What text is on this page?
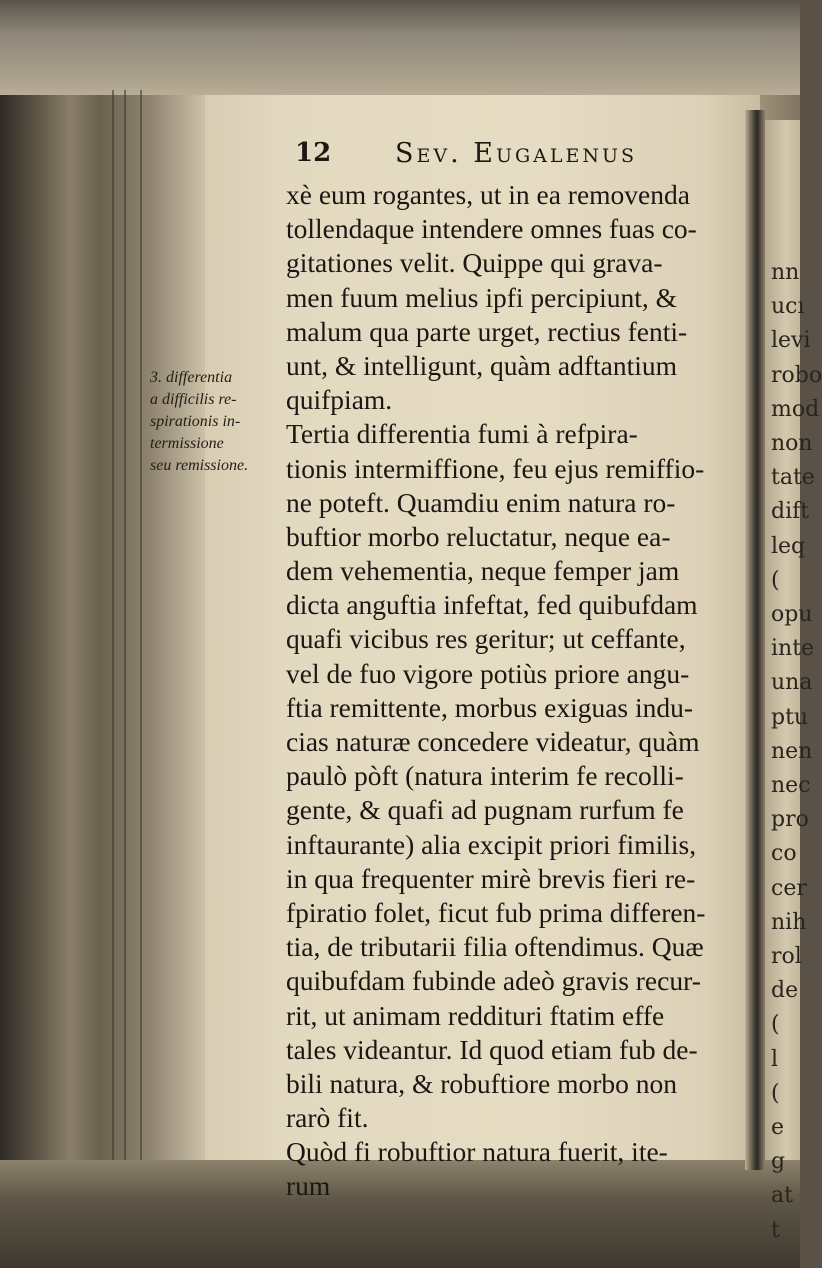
nn
ucı
levi
robo
mod
non
tate
dift
leq
(
opu
inte
una
ptu
nen
nec
pro
co
cer
nih
rol
de
(
l
(
e
g
at
t
12 Sev. Eugalenus
3. differentia
a difficilis re-
spirationis in-
termissione
seu remissione.
xè eum rogantes, ut in ea removenda
tollendaque intendere omnes fuas co-
gitationes velit. Quippe qui grava-
men fuum melius ipfi percipiunt, &
malum qua parte urget, rectius fenti-
unt, & intelligunt, quàm adftantium
quifpiam.
Tertia differentia fumi à refpira-
tionis intermiffione, feu ejus remiffio-
ne poteft. Quamdiu enim natura ro-
buftior morbo reluctatur, neque ea-
dem vehementia, neque femper jam
dicta anguftia infeftat, fed quibufdam
quafi vicibus res geritur; ut ceffante,
vel de fuo vigore potiùs priore angu-
ftia remittente, morbus exiguas indu-
cias naturæ concedere videatur, quàm
paulò pòft (natura interim fe recolli-
gente, & quafi ad pugnam rurfum fe
inftaurante) alia excipit priori fimilis,
in qua frequenter mirè brevis fieri re-
fpiratio folet, ficut fub prima differen-
tia, de tributarii filia oftendimus. Quæ
quibufdam fubinde adeò gravis recur-
rit, ut animam reddituri ftatim effe
tales videantur. Id quod etiam fub de-
bili natura, & robuftiore morbo non
rarò fit.
Quòd fi robuftior natura fuerit, ite-
rum
